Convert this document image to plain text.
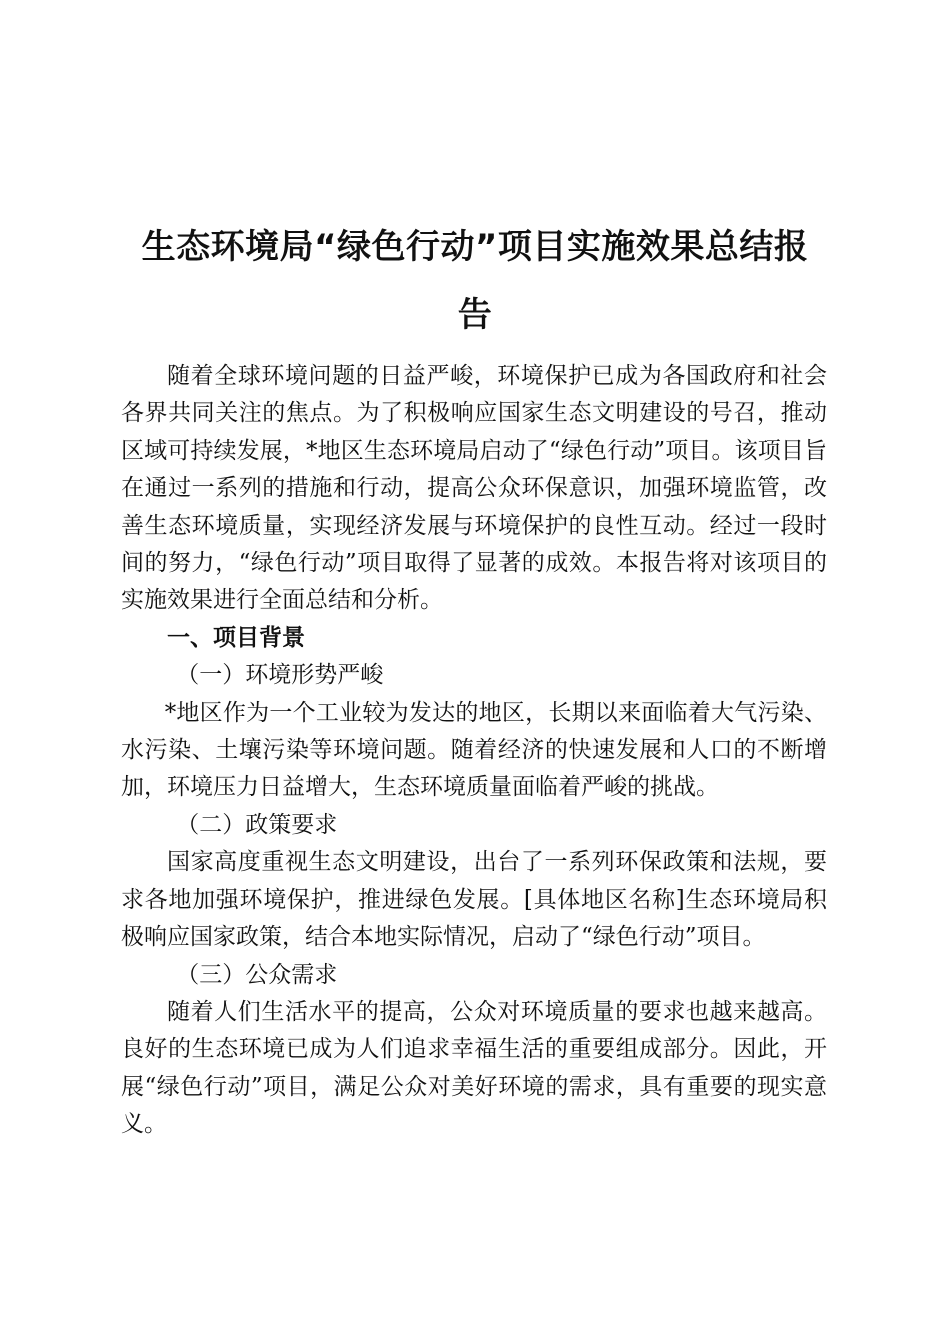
生态环境局“绿色行动”项目实施效果总结报
告

随着全球环境问题的日益严峻，环境保护已成为各国政府和社会各界共同关注的焦点。为了积极响应国家生态文明建设的号召，推动区域可持续发展，*地区生态环境局启动了“绿色行动”项目。该项目旨在通过一系列的措施和行动，提高公众环保意识，加强环境监管，改善生态环境质量，实现经济发展与环境保护的良性互动。经过一段时间的努力，“绿色行动”项目取得了显著的成效。本报告将对该项目的实施效果进行全面总结和分析。

一、项目背景

（一）环境形势严峻

*地区作为一个工业较为发达的地区，长期以来面临着大气污染、水污染、土壤污染等环境问题。随着经济的快速发展和人口的不断增加，环境压力日益增大，生态环境质量面临着严峻的挑战。

（二）政策要求

国家高度重视生态文明建设，出台了一系列环保政策和法规，要求各地加强环境保护，推进绿色发展。[具体地区名称]生态环境局积极响应国家政策，结合本地实际情况，启动了“绿色行动”项目。

（三）公众需求

随着人们生活水平的提高，公众对环境质量的要求也越来越高。良好的生态环境已成为人们追求幸福生活的重要组成部分。因此，开展“绿色行动”项目，满足公众对美好环境的需求，具有重要的现实意义。
